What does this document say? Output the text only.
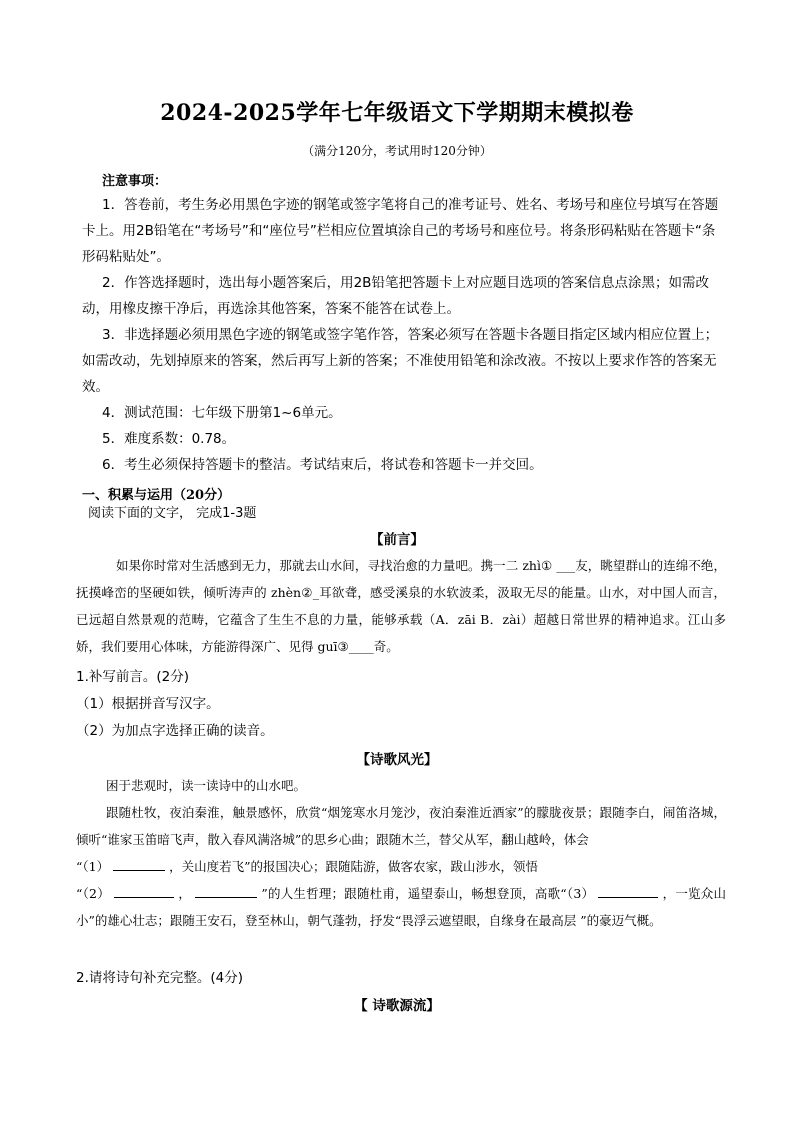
2024-2025学年七年级语文下学期期末模拟卷
（满分120分，考试用时120分钟）
注意事项：

1．答卷前，考生务必用黑色字迹的钢笔或签字笔将自己的准考证号、姓名、考场号和座位号填写在答题卡上。用2B铅笔在“考场号”和“座位号”栏相应位置填涂自己的考场号和座位号。将条形码粘贴在答题卡“条形码粘贴处”。

2．作答选择题时，选出每小题答案后，用2B铅笔把答题卡上对应题目选项的答案信息点涂黑；如需改动，用橡皮擦干净后，再选涂其他答案，答案不能答在试卷上。

3．非选择题必须用黑色字迹的钢笔或签字笔作答，答案必须写在答题卡各题目指定区域内相应位置上；如需改动，先划掉原来的答案，然后再写上新的答案；不准使用铅笔和涂改液。不按以上要求作答的答案无效。

4．测试范围：七年级下册第1~6单元。

5．难度系数：0.78。

6．考生必须保持答题卡的整洁。考试结束后，将试卷和答题卡一并交回。

一、积累与运用（20分）
阅读下面的文字， 完成1-3题
【前言】

如果你时常对生活感到无力，那就去山水间，寻找治愈的力量吧。携一二 zhì① ___友，眺望群山的连绵不绝，抚摸峰峦的坚硬如铁，倾听涛声的 zhèn②_耳欲聋，感受溪泉的水软波柔，汲取无尽的能量。山水，对中国人而言，已远超自然景观的范畴，它蕴含了生生不息的力量，能够承载（A．zāi B．zài）超越日常世界的精神追求。江山多娇，我们要用心体味，方能游得深广、见得 guī③____奇。

1.补写前言。(2分)
（1）根据拼音写汉字。
（2）为加点字选择正确的读音。
【诗歌风光】

困于悲观时，读一读诗中的山水吧。

跟随杜牧，夜泊秦淮，触景感怀，欣赏“烟笼寒水月笼沙，夜泊秦淮近酒家”的朦胧夜景；跟随李白，闹笛洛城，倾听“谁家玉笛暗飞声，散入春风满洛城”的思乡心曲；跟随木兰，替父从军，翻山越岭，体会

“（1）	，关山度若飞”的报国决心；跟随陆游，做客农家，跋山涉水，领悟

“（2）	，	”的人生哲理；跟随杜甫，遥望泰山，畅想登顶，高歌“（3）	，一览众山小”的雄心壮志；跟随王安石，登至林山，朝气蓬勃，抒发“畏浮云遮望眼，自缘身在最高层 ”的豪迈气概。

2.请将诗句补充完整。(4分)
【 诗歌源流】
